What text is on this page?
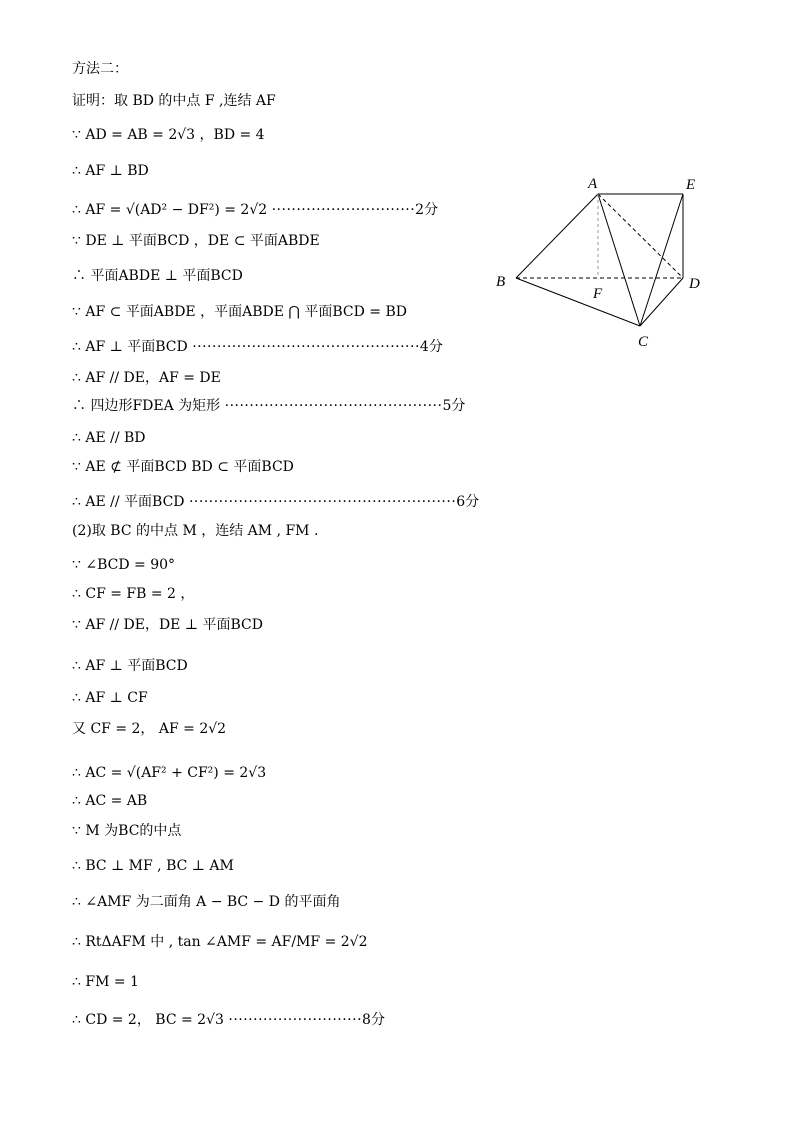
方法二：
证明：取 BD 的中点 F ,连结 AF
∵ AD = AB = 2√3 ，BD = 4
∴ AF ⊥ BD
∴ AF = √(AD² − DF²) = 2√2 ·····························2分
∵ DE ⊥ 平面BCD ，DE ⊂ 平面ABDE
∴ 平面ABDE ⊥ 平面BCD
∵ AF ⊂ 平面ABDE ，平面ABDE ⋂ 平面BCD = BD
∴ AF ⊥ 平面BCD ··············································4分
∴ AF // DE，AF = DE
∴ 四边形FDEA 为矩形 ············································5分
∴ AE // BD
∵ AE ⊄ 平面BCD BD ⊂ 平面BCD
∴ AE // 平面BCD ······················································6分
(2)取 BC 的中点 M ，连结 AM , FM .
∵ ∠BCD = 90°
∴ CF = FB = 2 ，
∵ AF // DE，DE ⊥ 平面BCD
∴ AF ⊥ 平面BCD
∴ AF ⊥ CF
又 CF = 2， AF = 2√2
∴ AC = √(AF² + CF²) = 2√3
∴ AC = AB
∵ M 为BC的中点
∴ BC ⊥ MF , BC ⊥ AM
∴ ∠AMF 为二面角 A − BC − D 的平面角
∴ RtΔAFM 中 , tan ∠AMF = AF/MF = 2√2
∴ FM = 1
∴ CD = 2， BC = 2√3 ···························8分
A	E
B	D
F
C
